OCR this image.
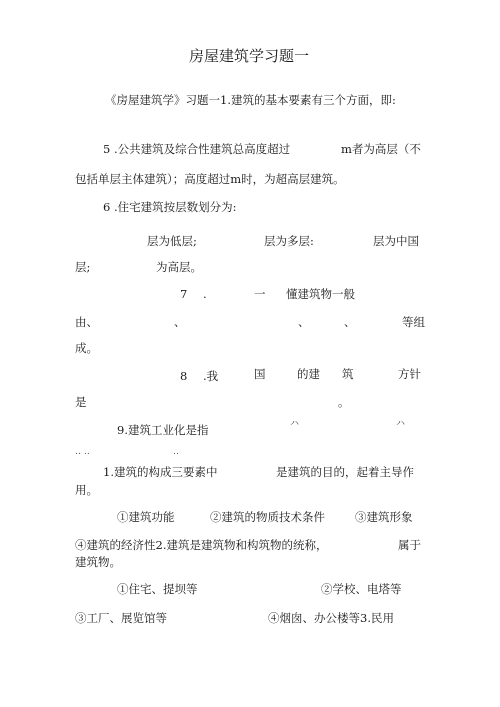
房屋建筑学习题一
《房屋建筑学》习题一1.建筑的基本要素有三个方面，即:
5 .公共建筑及综合性建筑总高度超过	m者为高层（不
包括单层主体建筑）；高度超过m时，为超高层建筑。
6 .住宅建筑按层数划分为:
层为低层;	层为多层:	层为中国
层;	为高层。
7 .	一 懂建筑物一般
由、	、	、	、	等组
成。
8 .我	国	的建 筑	方针
是	。
9.建筑工业化是指	ハ	ハ
‥ ‥	‥
1.建筑的构成三要素中	是建筑的目的，起着主导作
用。
①建筑功能	②建筑的物质技术条件	③建筑形象
④建筑的经济性2.建筑是建筑物和构筑物的统称，	属于
建筑物。
①住宅、提坝等	②学校、电塔等
③工厂、展览馆等	④烟囱、办公楼等3.民用
